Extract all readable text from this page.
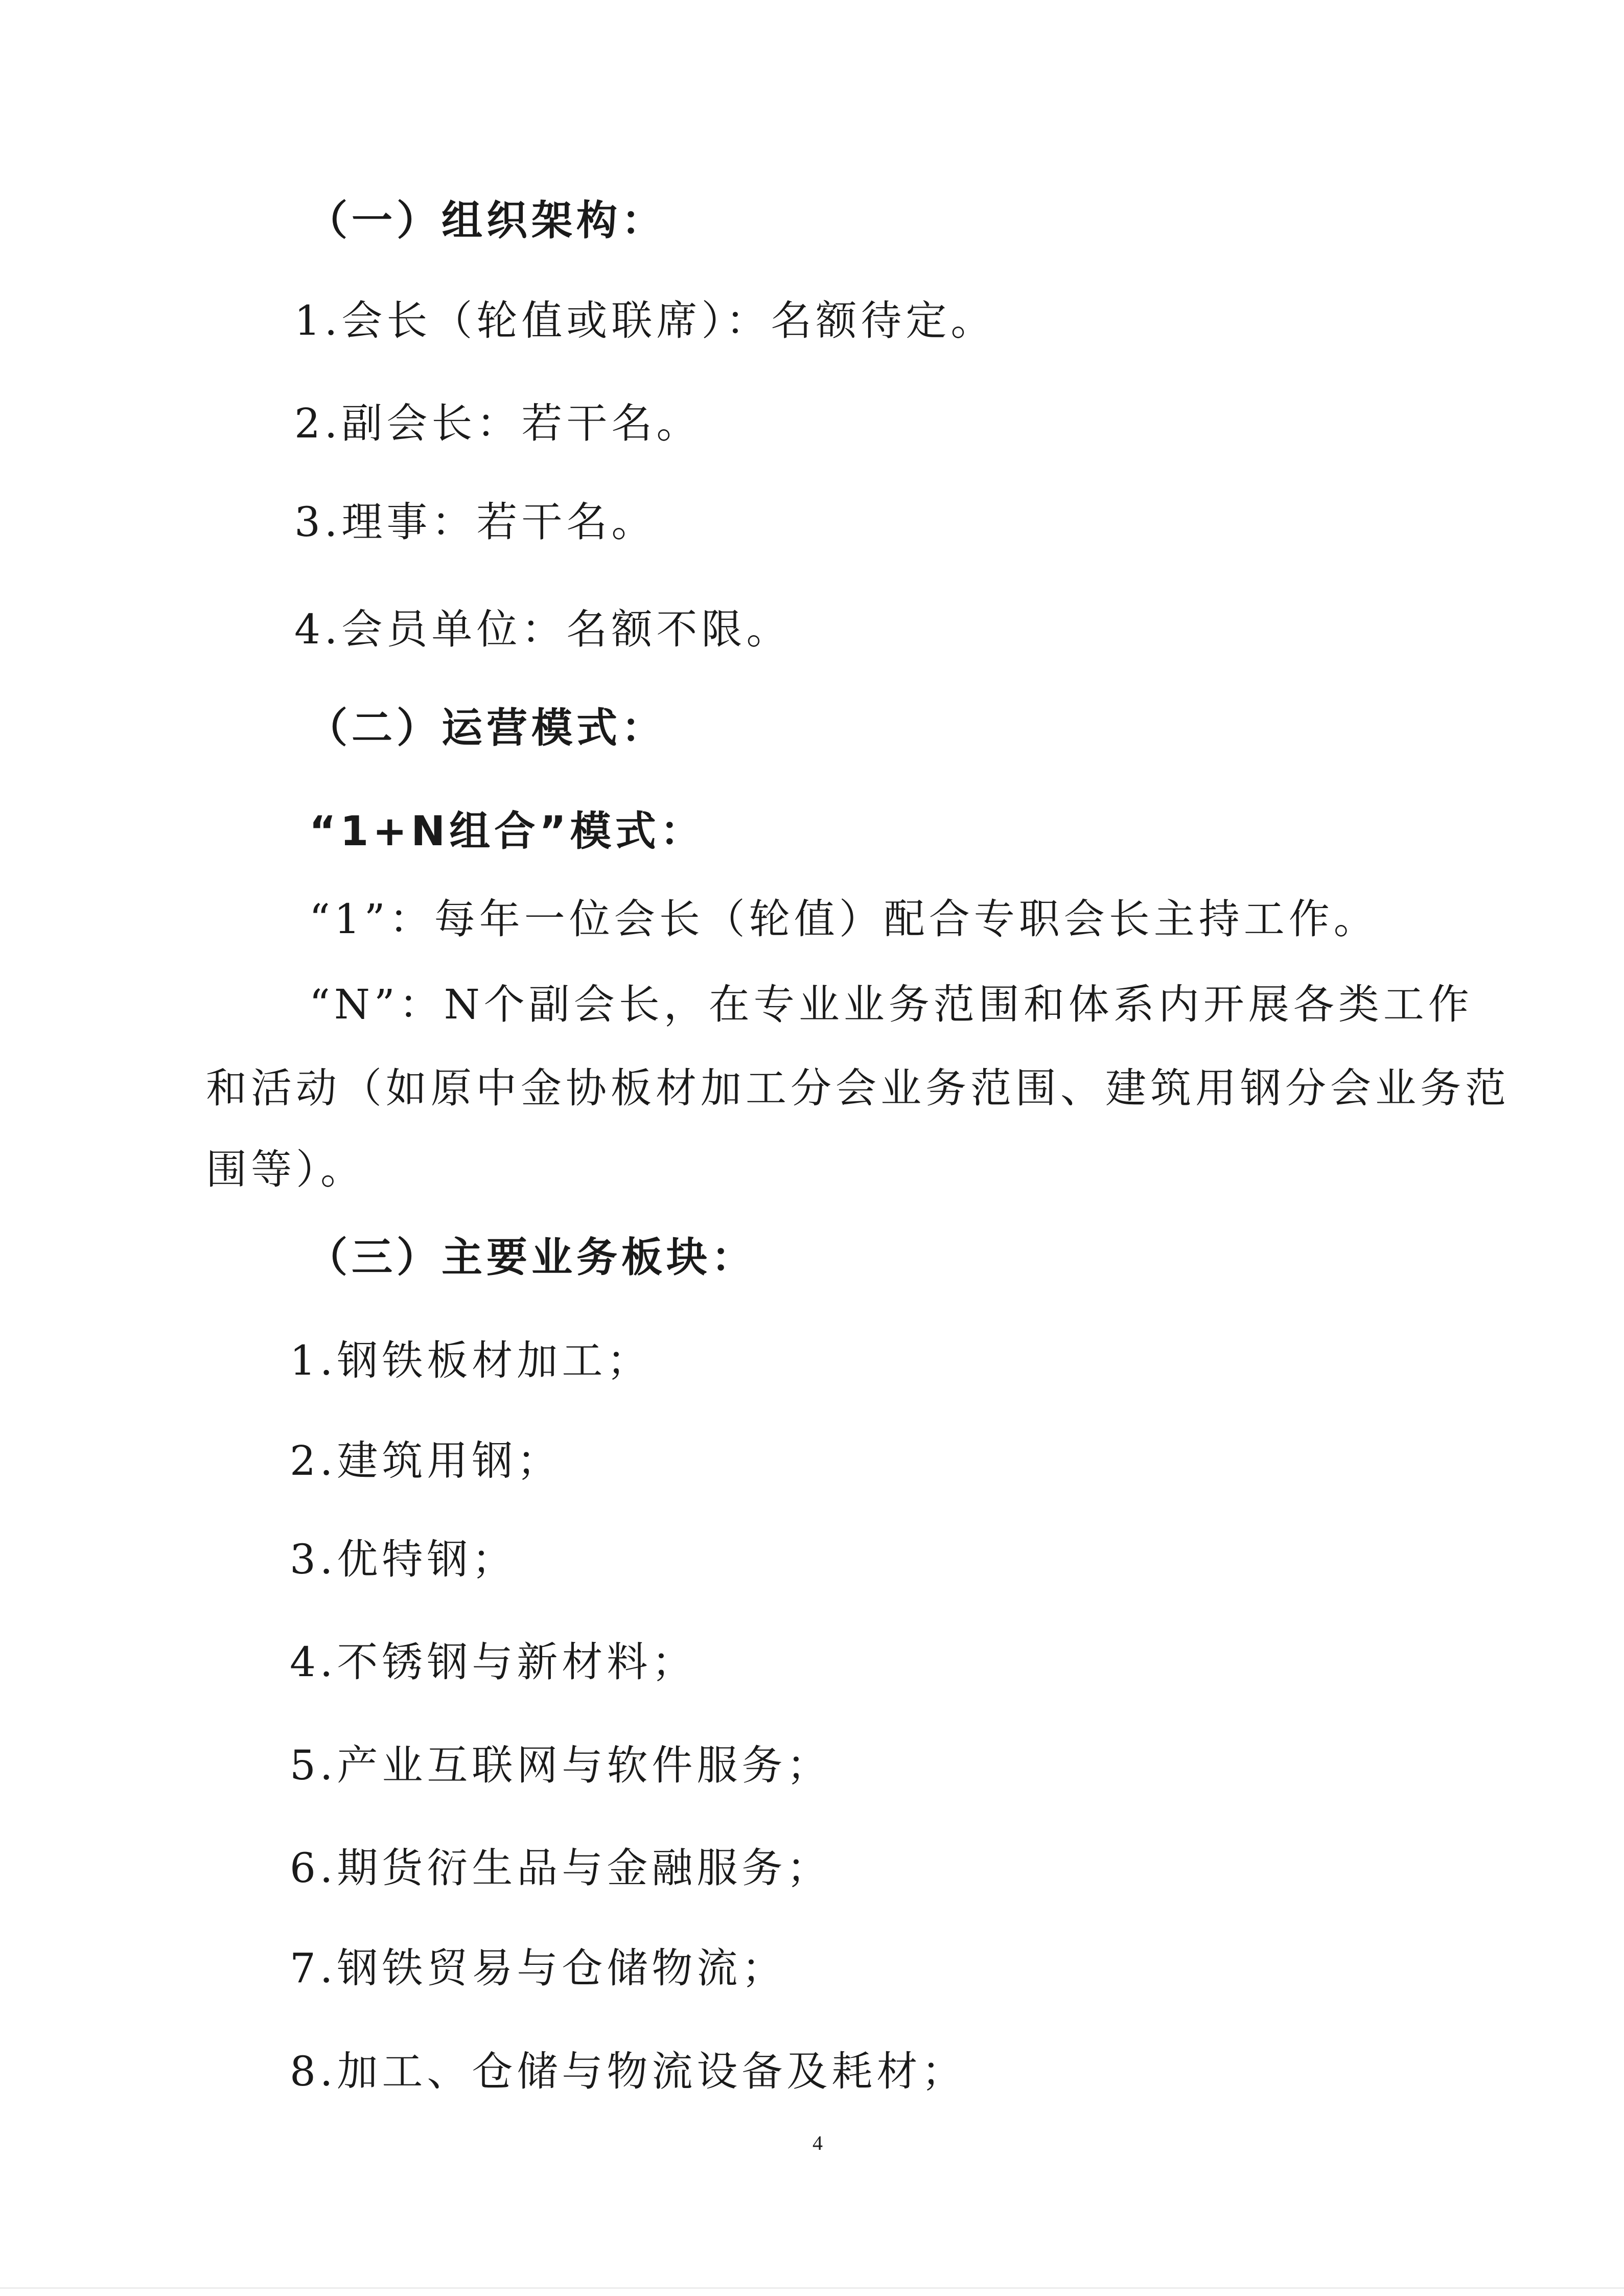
（一）组织架构：
1.会长（轮值或联席）：名额待定。
2.副会长：若干名。
3.理事：若干名。
4.会员单位：名额不限。
（二）运营模式：
“1+N组合”模式：
“1”：每年一位会长（轮值）配合专职会长主持工作。
“N”：N个副会长，在专业业务范围和体系内开展各类工作
和活动（如原中金协板材加工分会业务范围、建筑用钢分会业务范
围等）。
（三）主要业务板块：
1.钢铁板材加工；
2.建筑用钢；
3.优特钢；
4.不锈钢与新材料；
5.产业互联网与软件服务；
6.期货衍生品与金融服务；
7.钢铁贸易与仓储物流；
8.加工、仓储与物流设备及耗材；
4
